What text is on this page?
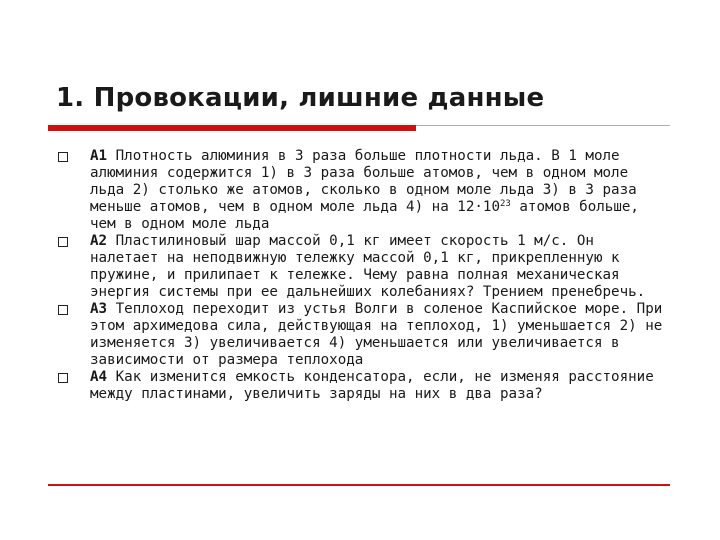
1. Провокации, лишние данные
А1 Плотность алюминия в 3 раза больше плотности льда. В 1 моле алюминия содержится 1) в 3 раза больше атомов, чем в одном моле льда 2) столько же атомов, сколько в одном моле льда 3) в 3 раза меньше атомов, чем в одном моле льда 4) на $12\cdot 10^{23}$ атомов больше, чем в одном моле льда
А2 Пластилиновый шар массой 0,1 кг имеет скорость 1 м/с. Он налетает на неподвижную тележку массой 0,1 кг, прикрепленную к пружине, и прилипает к тележке. Чему равна полная механическая энергия системы при ее дальнейших колебаниях? Трением пренебречь.
А3 Теплоход переходит из устья Волги в соленое Каспийское море. При этом архимедова сила, действующая на теплоход, 1) уменьшается 2) не изменяется 3) увеличивается 4) уменьшается или увеличивается в зависимости от размера теплохода
А4 Как изменится емкость конденсатора, если, не изменяя расстояние между пластинами, увеличить заряды на них в два раза?
